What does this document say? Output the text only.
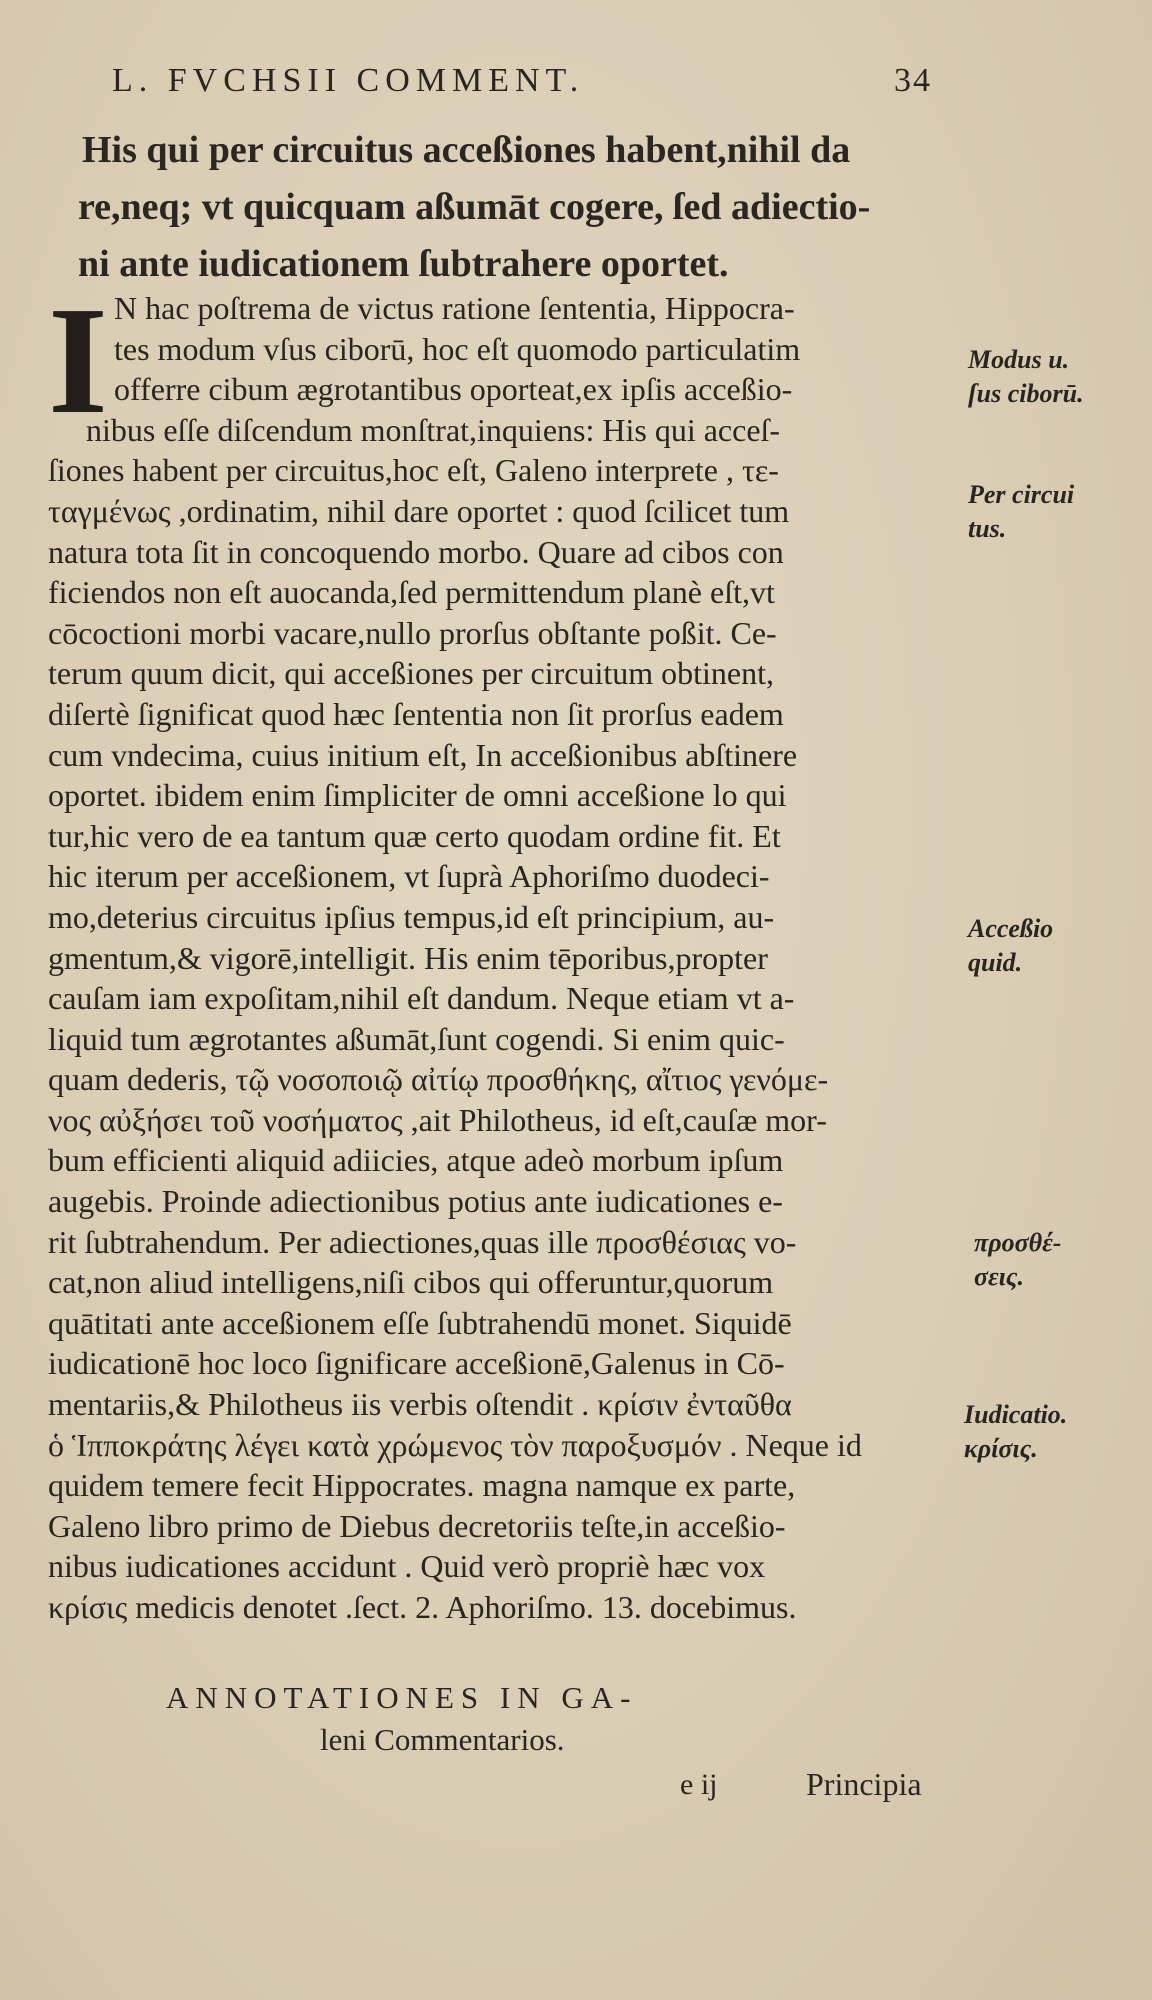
L. FVCHSII COMMENT.	34
His qui per circuitus acceßiones habent,nihil da
re,neq; vt quicquam aßumāt cogere, ſed adiectio-
ni ante iudicationem ſubtrahere oportet.
I N hac poſtrema de victus ratione ſententia, Hippocra-
tes modum vſus ciborū, hoc eſt quomodo particulatim
offerre cibum ægrotantibus oporteat,ex ipſis acceßio-
nibus eſſe diſcendum monſtrat,inquiens: His qui acceſ-
ſiones habent per circuitus,hoc eſt, Galeno interprete , τε-
ταγμένως ,ordinatim, nihil dare oportet : quod ſcilicet tum
natura tota ſit in concoquendo morbo. Quare ad cibos con
ficiendos non eſt auocanda,ſed permittendum planè eſt,vt
cōcoctioni morbi vacare,nullo prorſus obſtante poßit. Ce-
terum quum dicit, qui acceßiones per circuitum obtinent,
diſertè ſignificat quod hæc ſententia non ſit prorſus eadem
cum vndecima, cuius initium eſt, In acceßionibus abſtinere
oportet. ibidem enim ſimpliciter de omni acceßione lo qui
tur,hic vero de ea tantum quæ certo quodam ordine fit. Et
hic iterum per acceßionem, vt ſuprà Aphoriſmo duodeci-
mo,deterius circuitus ipſius tempus,id eſt principium, au-
gmentum,& vigorē,intelligit. His enim tēporibus,propter
cauſam iam expoſitam,nihil eſt dandum. Neque etiam vt a-
liquid tum ægrotantes aßumāt,ſunt cogendi. Si enim quic-
quam dederis, τῷ νοσοποιῷ αἰτίῳ προσθήκης, αἴτιος γενόμε-
νος αὐξήσει τοῦ νοσήματος ,ait Philotheus, id eſt,cauſæ mor-
bum efficienti aliquid adiicies, atque adeò morbum ipſum
augebis. Proinde adiectionibus potius ante iudicationes e-
rit ſubtrahendum. Per adiectiones,quas ille προσθέσιας vo-
cat,non aliud intelligens,niſi cibos qui offeruntur,quorum
quātitati ante acceßionem eſſe ſubtrahendū monet. Siquidē
iudicationē hoc loco ſignificare acceßionē,Galenus in Cō-
mentariis,& Philotheus iis verbis oſtendit . κρίσιν ἐνταῦθα
ὁ Ἱπποκράτης λέγει κατὰ χρώμενος τὸν παροξυσμόν . Neque id
quidem temere fecit Hippocrates. magna namque ex parte,
Galeno libro primo de Diebus decretoriis teſte,in acceßio-
nibus iudicationes accidunt . Quid verò propriè hæc vox
κρίσις medicis denotet .ſect. 2. Aphoriſmo. 13. docebimus.
Modus u.
ſus ciborū.
Per circui
tus.
Acceßio
quid.
προσθέ-
σεις.
Iudicatio.
κρίσις.
ANNOTATIONES IN GA-
leni Commentarios.
e ij	Principia
